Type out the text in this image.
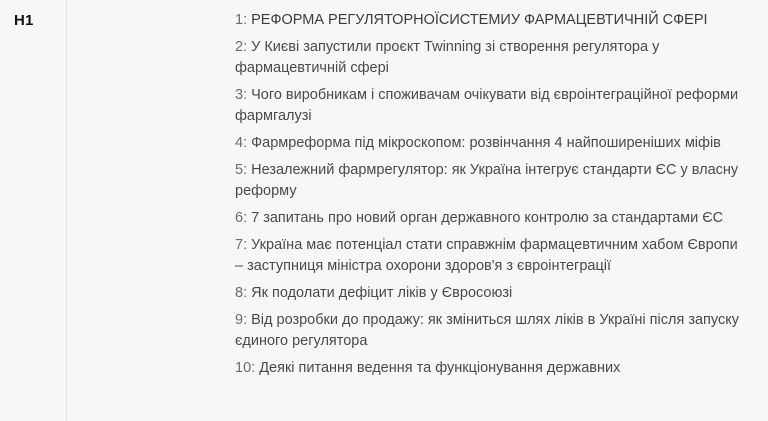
H1	1: РЕФОРМА РЕГУЛЯТОРНОЇСИСТЕМИУ ФАРМАЦЕВТИЧНІЙ СФЕРІ
2: У Києві запустили проєкт Twinning зі створення регулятора у фармацевтичній сфері
3: Чого виробникам і споживачам очікувати від євроінтеграційної реформи фармгалузі
4: Фармреформа під мікроскопом: розвінчання 4 найпоширеніших міфів
5: Незалежний фармрегулятор: як Україна інтегрує стандарти ЄС у власну реформу
6: 7 запитань про новий орган державного контролю за стандартами ЄС
7: Україна має потенціал стати справжнім фармацевтичним хабом Європи – заступниця міністра охорони здоров'я з євроінтеграції
8: Як подолати дефіцит ліків у Євросоюзі
9: Від розробки до продажу: як зміниться шлях ліків в Україні після запуску єдиного регулятора
10: Деякі питання ведення та функціонування державних
